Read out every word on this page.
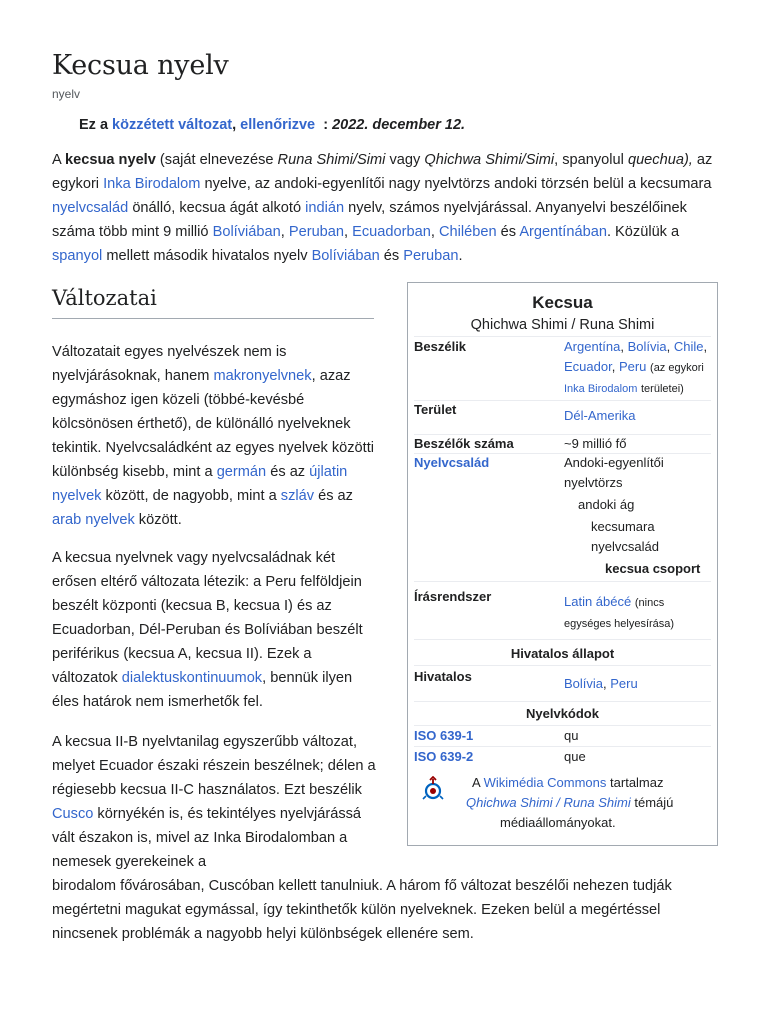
Kecsua nyelv
nyelv
Ez a közzétett változat, ellenőrizve : 2022. december 12.

A kecsua nyelv (saját elnevezése Runa Shimi/Simi vagy Qhichwa Shimi/Simi, spanyolul quechua), az egykori Inka Birodalom nyelve, az andoki-egyenlítői nagy nyelvtörzs andoki törzsén belül a kecsumara nyelvcsalád önálló, kecsua ágát alkotó indián nyelv, számos nyelvjárással. Anyanyelvi beszélőinek száma több mint 9 millió Bolíviában, Peruban, Ecuadorban, Chilében és Argentínában. Közülük a spanyol mellett második hivatalos nyelv Bolíviában és Peruban.

Változatai

Változatait egyes nyelvészek nem is nyelvjárásoknak, hanem makronyelvnek, azaz egymáshoz igen közeli (többé-kevésbé kölcsönösen érthető), de különálló nyelveknek tekintik. Nyelvcsaládként az egyes nyelvek közötti különbség kisebb, mint a germán és az újlatin nyelvek között, de nagyobb, mint a szláv és az arab nyelvek között.

A kecsua nyelvnek vagy nyelvcsaládnak két erősen eltérő változata létezik: a Peru felföldjein beszélt központi (kecsua B, kecsua I) és az Ecuadorban, Dél-Peruban és Bolíviában beszélt periférikus (kecsua A, kecsua II). Ezek a változatok dialektuskontinuumok, bennük ilyen éles határok nem ismerhetők fel.

A kecsua II-B nyelvtanilag egyszerűbb változat, melyet Ecuador északi részein beszélnek; délen a régiesebb kecsua II-C használatos. Ezt beszélik Cusco környékén is, és tekintélyes nyelvjárássá vált északon is, mivel az Inka Birodalomban a nemesek gyerekeinek a

birodalom fővárosában, Cuscóban kellett tanulniuk. A három fő változat beszélői nehezen tudják megértetni magukat egymással, így tekinthetők külön nyelveknek. Ezeken belül a megértéssel nincsenek problémák a nagyobb helyi különbségek ellenére sem.

Kecsua
Qhichwa Shimi / Runa Shimi
Beszélik	Argentína, Bolívia, Chile, Ecuador, Peru (az egykori Inka Birodalom területei)
Terület	Dél-Amerika
Beszélők száma	~9 millió fő
Nyelvcsalád	Andoki-egyenlítői nyelvtörzs
andoki ág
kecsumara nyelvcsalád
kecsua csoport
Írásrendszer	Latin ábécé (nincs egységes helyesírása)
Hivatalos állapot
Hivatalos	Bolívia, Peru
Nyelvkódok
ISO 639-1	qu
ISO 639-2	que
A Wikimédia Commons tartalmaz
Qhichwa Shimi / Runa Shimi témájú
médiaállományokat.
